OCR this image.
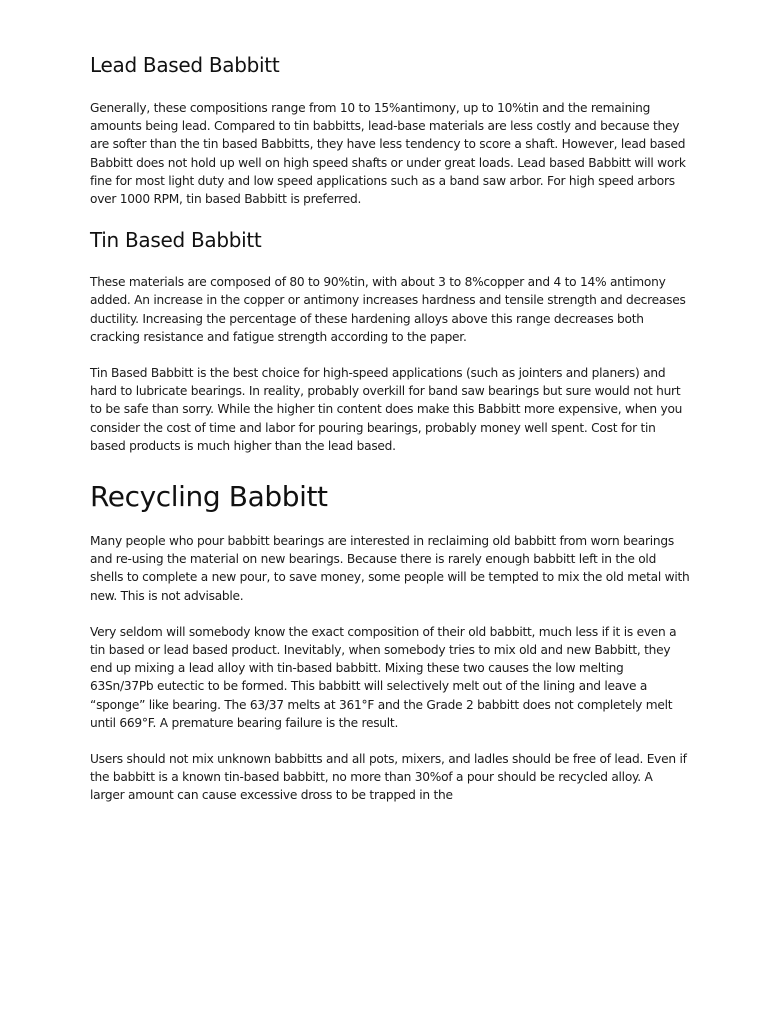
Lead Based Babbitt

Generally, these compositions range from 10 to 15%antimony, up to 10%tin and the remaining amounts being lead. Compared to tin babbitts, lead-base materials are less costly and because they are softer than the tin based Babbitts, they have less tendency to score a shaft. However, lead based Babbitt does not hold up well on high speed shafts or under great loads. Lead based Babbitt will work fine for most light duty and low speed applications such as a band saw arbor. For high speed arbors over 1000 RPM, tin based Babbitt is preferred.

Tin Based Babbitt

These materials are composed of 80 to 90%tin, with about 3 to 8%copper and 4 to 14% antimony added. An increase in the copper or antimony increases hardness and tensile strength and decreases ductility. Increasing the percentage of these hardening alloys above this range decreases both cracking resistance and fatigue strength according to the paper.

Tin Based Babbitt is the best choice for high-speed applications (such as jointers and planers) and hard to lubricate bearings. In reality, probably overkill for band saw bearings but sure would not hurt to be safe than sorry. While the higher tin content does make this Babbitt more expensive, when you consider the cost of time and labor for pouring bearings, probably money well spent. Cost for tin based products is much higher than the lead based.

Recycling Babbitt

Many people who pour babbitt bearings are interested in reclaiming old babbitt from worn bearings and re-using the material on new bearings. Because there is rarely enough babbitt left in the old shells to complete a new pour, to save money, some people will be tempted to mix the old metal with new. This is not advisable.

Very seldom will somebody know the exact composition of their old babbitt, much less if it is even a tin based or lead based product. Inevitably, when somebody tries to mix old and new Babbitt, they end up mixing a lead alloy with tin-based babbitt. Mixing these two causes the low melting 63Sn/37Pb eutectic to be formed. This babbitt will selectively melt out of the lining and leave a “sponge” like bearing. The 63/37 melts at 361°F and the Grade 2 babbitt does not completely melt until 669°F. A premature bearing failure is the result.

Users should not mix unknown babbitts and all pots, mixers, and ladles should be free of lead. Even if the babbitt is a known tin-based babbitt, no more than 30%of a pour should be recycled alloy. A larger amount can cause excessive dross to be trapped in the
